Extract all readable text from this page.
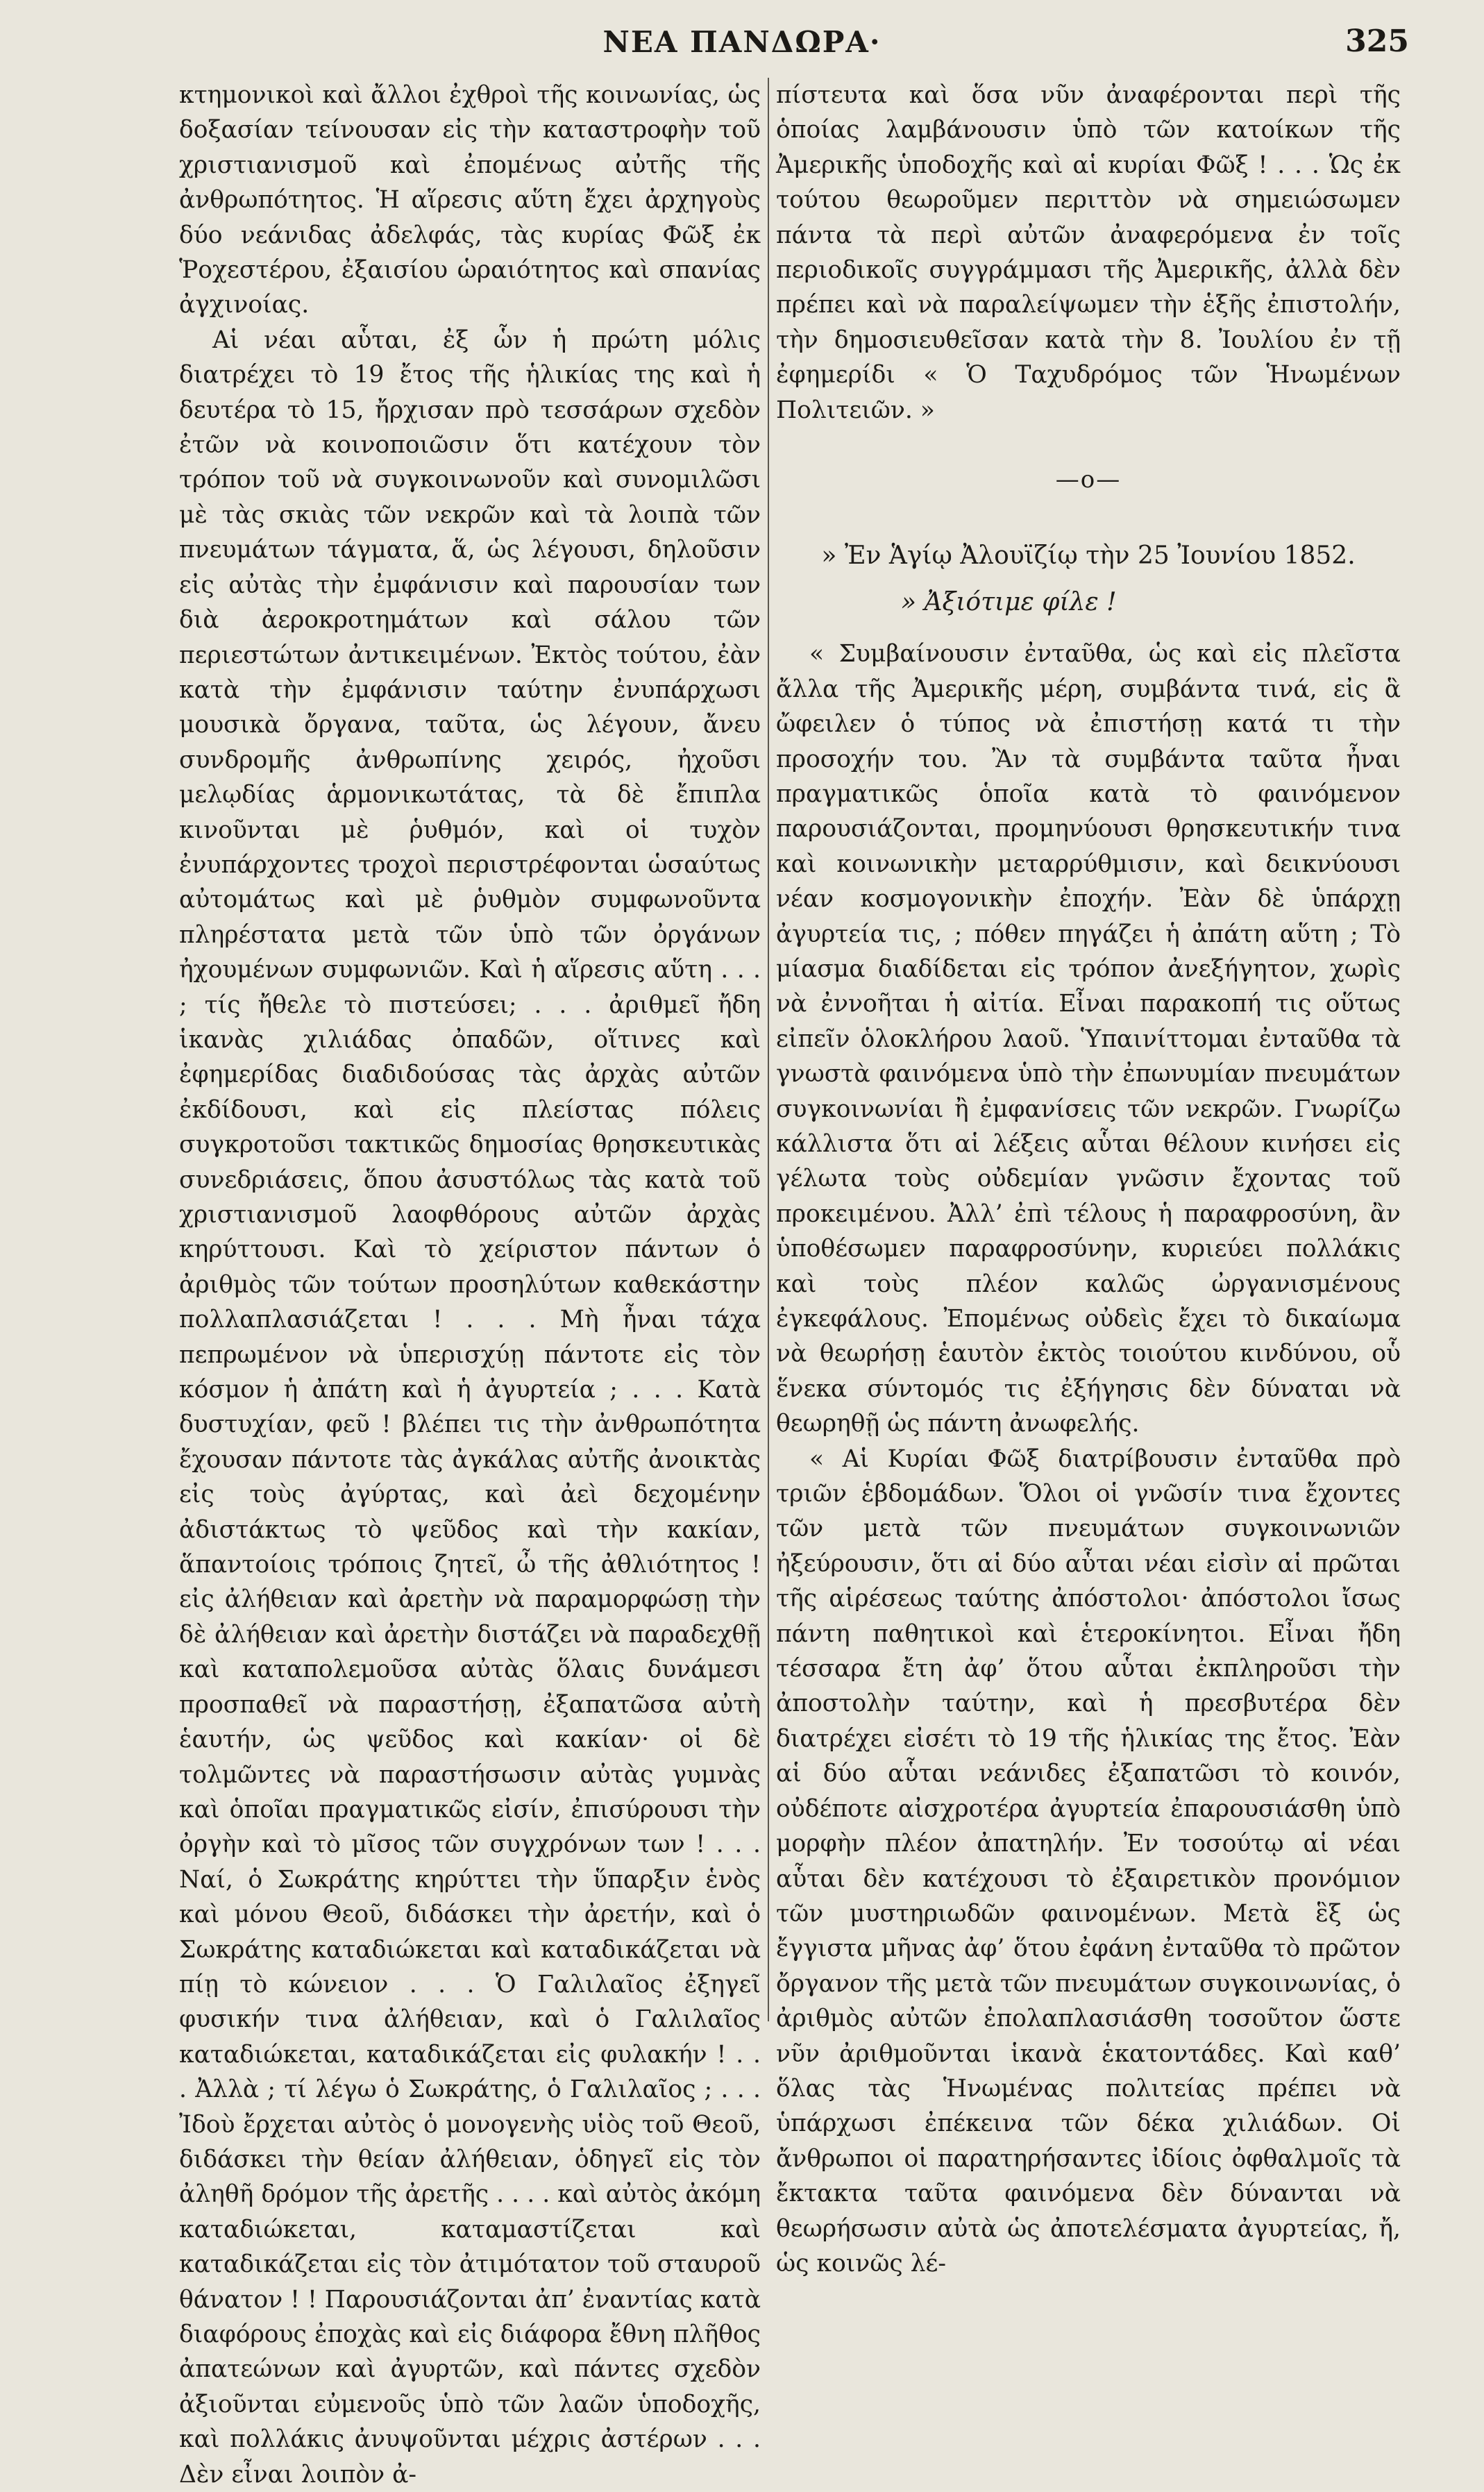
ΝΕΑ ΠΑΝΔΩΡΑ·	325

κτημονικοὶ καὶ ἄλλοι ἐχθροὶ τῆς κοινωνίας, ὡς δοξασίαν τείνουσαν εἰς τὴν καταστροφὴν τοῦ χριστιανισμοῦ καὶ ἐπομένως αὐτῆς τῆς ἀνθρωπότητος. Ἡ αἵρεσις αὕτη ἔχει ἀρχηγοὺς δύο νεάνιδας ἀδελφάς, τὰς κυρίας Φῶξ ἐκ Ῥοχεστέρου, ἐξαισίου ὡραιότητος καὶ σπανίας ἀγχινοίας.

Αἱ νέαι αὗται, ἐξ ὧν ἡ πρώτη μόλις διατρέχει τὸ 19 ἔτος τῆς ἡλικίας της καὶ ἡ δευτέρα τὸ 15, ἤρχισαν πρὸ τεσσάρων σχεδὸν ἐτῶν νὰ κοινοποιῶσιν ὅτι κατέχουν τὸν τρόπον τοῦ νὰ συγκοινωνοῦν καὶ συνομιλῶσι μὲ τὰς σκιὰς τῶν νεκρῶν καὶ τὰ λοιπὰ τῶν πνευμάτων τάγματα, ἅ, ὡς λέγουσι, δηλοῦσιν εἰς αὐτὰς τὴν ἐμφάνισιν καὶ παρουσίαν των διὰ ἀεροκροτημάτων καὶ σάλου τῶν περιεστώτων ἀντικειμένων. Ἐκτὸς τούτου, ἐὰν κατὰ τὴν ἐμφάνισιν ταύτην ἐνυπάρχωσι μουσικὰ ὄργανα, ταῦτα, ὡς λέγουν, ἄνευ συνδρομῆς ἀνθρωπίνης χειρός, ἠχοῦσι μελῳδίας ἁρμονικωτάτας, τὰ δὲ ἔπιπλα κινοῦνται μὲ ῥυθμόν, καὶ οἱ τυχὸν ἐνυπάρχοντες τροχοὶ περιστρέφονται ὡσαύτως αὐτομάτως καὶ μὲ ῥυθμὸν συμφωνοῦντα πληρέστατα μετὰ τῶν ὑπὸ τῶν ὀργάνων ἠχουμένων συμφωνιῶν. Καὶ ἡ αἵρεσις αὕτη . . . ; τίς ἤθελε τὸ πιστεύσει; . . . ἀριθμεῖ ἤδη ἱκανὰς χιλιάδας ὀπαδῶν, οἵτινες καὶ ἐφημερίδας διαδιδούσας τὰς ἀρχὰς αὐτῶν ἐκδίδουσι, καὶ εἰς πλείστας πόλεις συγκροτοῦσι τακτικῶς δημοσίας θρησκευτικὰς συνεδριάσεις, ὅπου ἀσυστόλως τὰς κατὰ τοῦ χριστιανισμοῦ λαοφθόρους αὐτῶν ἀρχὰς κηρύττουσι. Καὶ τὸ χείριστον πάντων ὁ ἀριθμὸς τῶν τούτων προσηλύτων καθεκάστην πολλαπλασιάζεται ! . . . Μὴ ἦναι τάχα πεπρωμένον νὰ ὑπερισχύῃ πάντοτε εἰς τὸν κόσμον ἡ ἀπάτη καὶ ἡ ἀγυρτεία ; . . . Κατὰ δυστυχίαν, φεῦ ! βλέπει τις τὴν ἀνθρωπότητα ἔχουσαν πάντοτε τὰς ἀγκάλας αὐτῆς ἀνοικτὰς εἰς τοὺς ἀγύρτας, καὶ ἀεὶ δεχομένην ἀδιστάκτως τὸ ψεῦδος καὶ τὴν κακίαν, ἅπαντοίοις τρόποις ζητεῖ, ὦ τῆς ἀθλιότητος ! εἰς ἀλήθειαν καὶ ἀρετὴν νὰ παραμορφώσῃ τὴν δὲ ἀλήθειαν καὶ ἀρετὴν διστάζει νὰ παραδεχθῇ καὶ καταπολεμοῦσα αὐτὰς ὅλαις δυνάμεσι προσπαθεῖ νὰ παραστήσῃ, ἐξαπατῶσα αὐτὴ ἑαυτήν, ὡς ψεῦδος καὶ κακίαν· οἱ δὲ τολμῶντες νὰ παραστήσωσιν αὐτὰς γυμνὰς καὶ ὁποῖαι πραγματικῶς εἰσίν, ἐπισύρουσι τὴν ὀργὴν καὶ τὸ μῖσος τῶν συγχρόνων των ! . . . Ναί, ὁ Σωκράτης κηρύττει τὴν ὕπαρξιν ἑνὸς καὶ μόνου Θεοῦ, διδάσκει τὴν ἀρετήν, καὶ ὁ Σωκράτης καταδιώκεται καὶ καταδικάζεται νὰ πίῃ τὸ κώνειον . . . Ὁ Γαλιλαῖος ἐξηγεῖ φυσικήν τινα ἀλήθειαν, καὶ ὁ Γαλιλαῖος καταδιώκεται, καταδικάζεται εἰς φυλακήν ! . . . Ἀλλὰ ; τί λέγω ὁ Σωκράτης, ὁ Γαλιλαῖος ; . . . Ἰδοὺ ἔρχεται αὐτὸς ὁ μονογενὴς υἱὸς τοῦ Θεοῦ, διδάσκει τὴν θείαν ἀλήθειαν, ὁδηγεῖ εἰς τὸν ἀληθῆ δρόμον τῆς ἀρετῆς . . . . καὶ αὐτὸς ἀκόμη καταδιώκεται, καταμαστίζεται καὶ καταδικάζεται εἰς τὸν ἀτιμότατον τοῦ σταυροῦ θάνατον ! ! Παρουσιάζονται ἀπ’ ἐναντίας κατὰ διαφόρους ἐποχὰς καὶ εἰς διάφορα ἔθνη πλῆθος ἀπατεώνων καὶ ἀγυρτῶν, καὶ πάντες σχεδὸν ἀξιοῦνται εὐμενοῦς ὑπὸ τῶν λαῶν ὑποδοχῆς, καὶ πολλάκις ἀνυψοῦνται μέχρις ἀστέρων . . . Δὲν εἶναι λοιπὸν ἀ-

πίστευτα καὶ ὅσα νῦν ἀναφέρονται περὶ τῆς ὁποίας λαμβάνουσιν ὑπὸ τῶν κατοίκων τῆς Ἀμερικῆς ὑποδοχῆς καὶ αἱ κυρίαι Φῶξ ! . . . Ὡς ἐκ τούτου θεωροῦμεν περιττὸν νὰ σημειώσωμεν πάντα τὰ περὶ αὐτῶν ἀναφερόμενα ἐν τοῖς περιοδικοῖς συγγράμμασι τῆς Ἀμερικῆς, ἀλλὰ δὲν πρέπει καὶ νὰ παραλείψωμεν τὴν ἑξῆς ἐπιστολήν, τὴν δημοσιευθεῖσαν κατὰ τὴν 8. Ἰουλίου ἐν τῇ ἐφημερίδι « Ὁ Ταχυδρόμος τῶν Ἡνωμένων Πολιτειῶν. »

—o—
» Ἐν Ἁγίῳ Ἀλουϊζίῳ τὴν 25 Ἰουνίου 1852.
» Ἀξιότιμε φίλε !

« Συμβαίνουσιν ἐνταῦθα, ὡς καὶ εἰς πλεῖστα ἄλλα τῆς Ἀμερικῆς μέρη, συμβάντα τινά, εἰς ἃ ὤφειλεν ὁ τύπος νὰ ἐπιστήσῃ κατά τι τὴν προσοχήν του. Ἂν τὰ συμβάντα ταῦτα ἦναι πραγματικῶς ὁποῖα κατὰ τὸ φαινόμενον παρουσιάζονται, προμηνύουσι θρησκευτικήν τινα καὶ κοινωνικὴν μεταρρύθμισιν, καὶ δεικνύουσι νέαν κοσμογονικὴν ἐποχήν. Ἐὰν δὲ ὑπάρχῃ ἀγυρτεία τις, ; πόθεν πηγάζει ἡ ἀπάτη αὕτη ; Τὸ μίασμα διαδίδεται εἰς τρόπον ἀνεξήγητον, χωρὶς νὰ ἐννοῆται ἡ αἰτία. Εἶναι παρακοπή τις οὕτως εἰπεῖν ὁλοκλήρου λαοῦ. Ὑπαινίττομαι ἐνταῦθα τὰ γνωστὰ φαινόμενα ὑπὸ τὴν ἐπωνυμίαν πνευμάτων συγκοινωνίαι ἢ ἐμφανίσεις τῶν νεκρῶν. Γνωρίζω κάλλιστα ὅτι αἱ λέξεις αὗται θέλουν κινήσει εἰς γέλωτα τοὺς οὐδεμίαν γνῶσιν ἔχοντας τοῦ προκειμένου. Ἀλλ’ ἐπὶ τέλους ἡ παραφροσύνη, ἂν ὑποθέσωμεν παραφροσύνην, κυριεύει πολλάκις καὶ τοὺς πλέον καλῶς ὠργανισμένους ἐγκεφάλους. Ἐπομένως οὐδεὶς ἔχει τὸ δικαίωμα νὰ θεωρήσῃ ἑαυτὸν ἐκτὸς τοιούτου κινδύνου, οὗ ἕνεκα σύντομός τις ἐξήγησις δὲν δύναται νὰ θεωρηθῇ ὡς πάντη ἀνωφελής.

« Αἱ Κυρίαι Φῶξ διατρίβουσιν ἐνταῦθα πρὸ τριῶν ἑβδομάδων. Ὅλοι οἱ γνῶσίν τινα ἔχοντες τῶν μετὰ τῶν πνευμάτων συγκοινωνιῶν ἠξεύρουσιν, ὅτι αἱ δύο αὗται νέαι εἰσὶν αἱ πρῶται τῆς αἱρέσεως ταύτης ἀπόστολοι· ἀπόστολοι ἴσως πάντη παθητικοὶ καὶ ἑτεροκίνητοι. Εἶναι ἤδη τέσσαρα ἔτη ἀφ’ ὅτου αὗται ἐκπληροῦσι τὴν ἀποστολὴν ταύτην, καὶ ἡ πρεσβυτέρα δὲν διατρέχει εἰσέτι τὸ 19 τῆς ἡλικίας της ἔτος. Ἐὰν αἱ δύο αὗται νεάνιδες ἐξαπατῶσι τὸ κοινόν, οὐδέποτε αἰσχροτέρα ἀγυρτεία ἐπαρουσιάσθη ὑπὸ μορφὴν πλέον ἀπατηλήν. Ἐν τοσούτῳ αἱ νέαι αὗται δὲν κατέχουσι τὸ ἐξαιρετικὸν προνόμιον τῶν μυστηριωδῶν φαινομένων. Μετὰ ἓξ ὡς ἔγγιστα μῆνας ἀφ’ ὅτου ἐφάνη ἐνταῦθα τὸ πρῶτον ὄργανον τῆς μετὰ τῶν πνευμάτων συγκοινωνίας, ὁ ἀριθμὸς αὐτῶν ἐπολαπλασιάσθη τοσοῦτον ὥστε νῦν ἀριθμοῦνται ἱκανὰ ἑκατοντάδες. Καὶ καθ’ ὅλας τὰς Ἡνωμένας πολιτείας πρέπει νὰ ὑπάρχωσι ἐπέκεινα τῶν δέκα χιλιάδων. Οἱ ἄνθρωποι οἱ παρατηρήσαντες ἰδίοις ὀφθαλμοῖς τὰ ἔκτακτα ταῦτα φαινόμενα δὲν δύνανται νὰ θεωρήσωσιν αὐτὰ ὡς ἀποτελέσματα ἀγυρτείας, ἤ, ὡς κοινῶς λέ-
